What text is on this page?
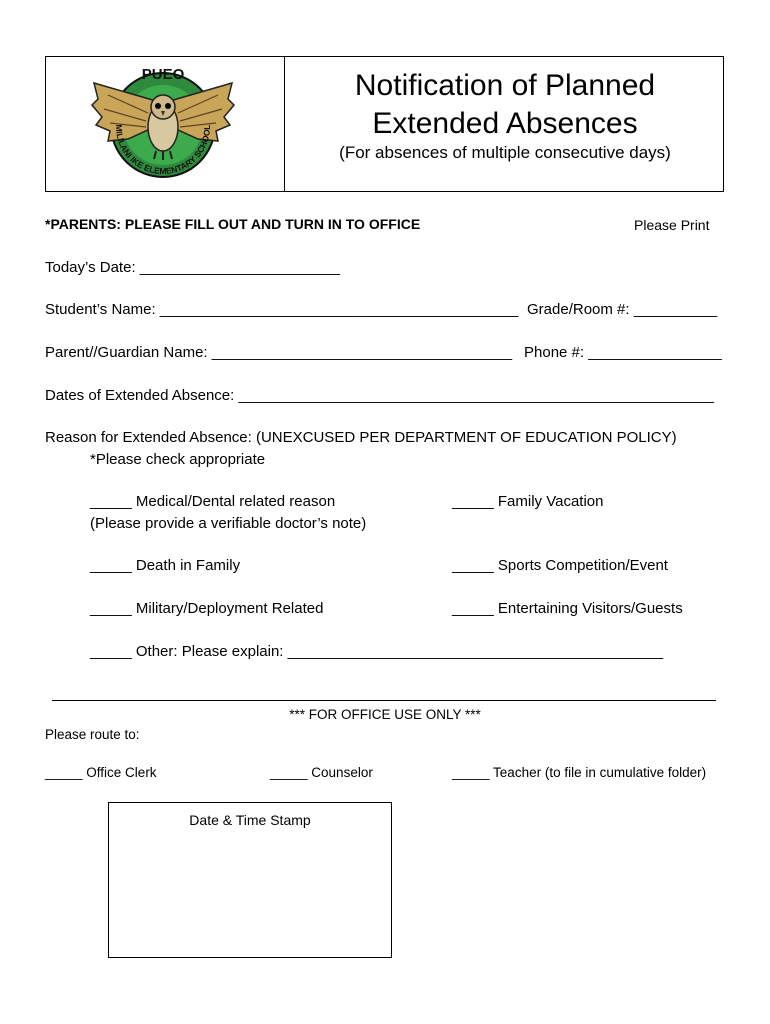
PUEO
MILILANI IKE ELEMENTARY SCHOOL
Notification of Planned
Extended Absences
(For absences of multiple consecutive days)
*PARENTS: PLEASE FILL OUT AND TURN IN TO OFFICE	Please Print
Today’s Date: ________________________
Student’s Name: ___________________________________________ Grade/Room #: __________
Parent//Guardian Name: ____________________________________ Phone #: ________________
Dates of Extended Absence: _________________________________________________________
Reason for Extended Absence: (UNEXCUSED PER DEPARTMENT OF EDUCATION POLICY)
*Please check appropriate
_____ Medical/Dental related reason
(Please provide a verifiable doctor’s note)
_____ Family Vacation
_____ Death in Family	_____ Sports Competition/Event
_____ Military/Deployment Related	_____ Entertaining Visitors/Guests
_____ Other: Please explain: _____________________________________________
*** FOR OFFICE USE ONLY ***
Please route to:
_____ Office Clerk	_____ Counselor	_____ Teacher (to file in cumulative folder)
Date & Time Stamp
